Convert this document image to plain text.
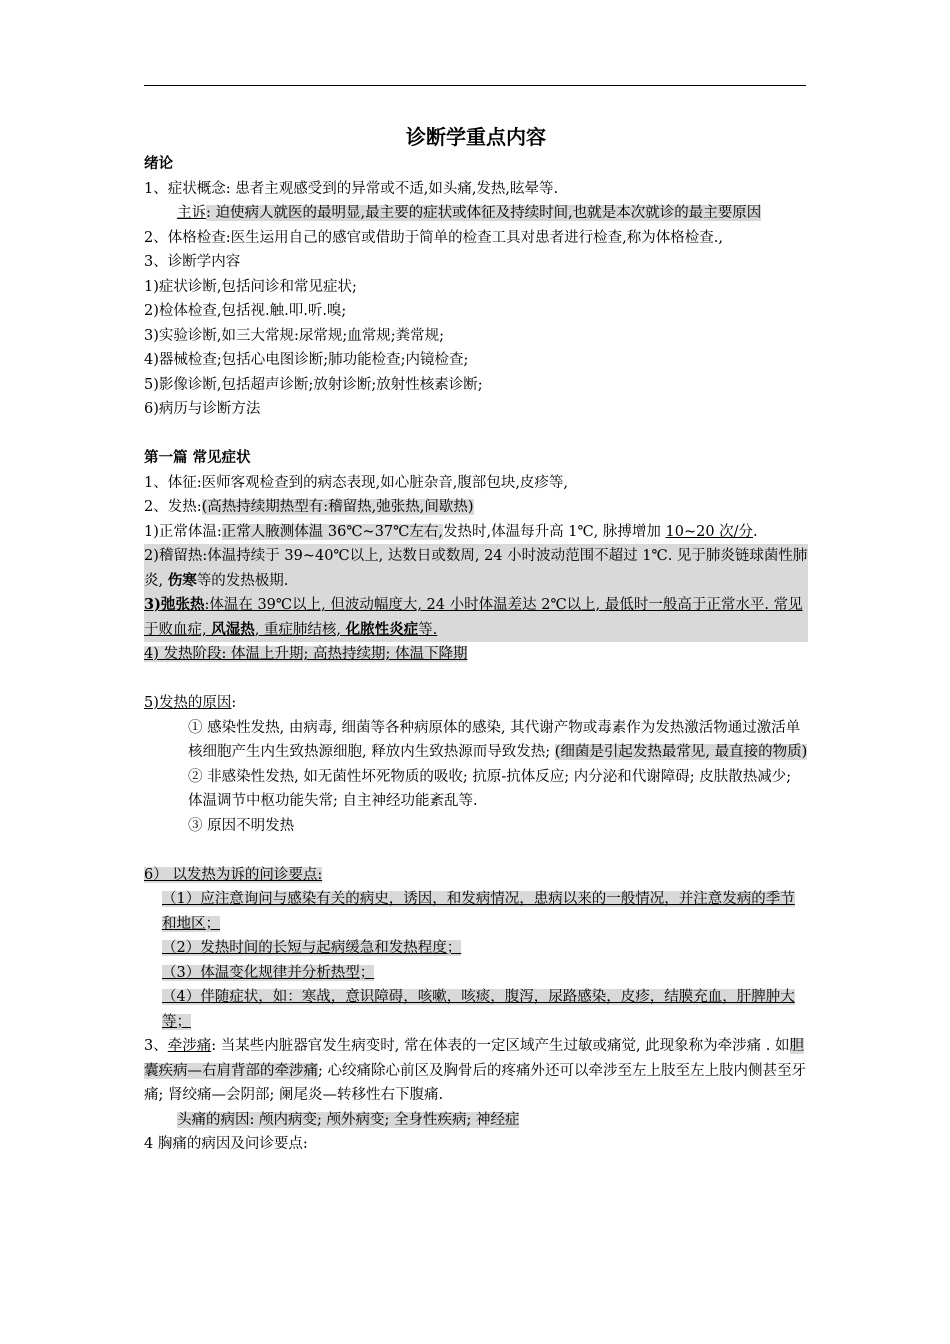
诊断学重点内容

绪论

1、症状概念: 患者主观感受到的异常或不适,如头痛,发热,眩晕等.

主诉: 迫使病人就医的最明显,最主要的症状或体征及持续时间,也就是本次就诊的最主要原因

2、体格检查:医生运用自己的感官或借助于简单的检查工具对患者进行检查,称为体格检查.,

3、诊断学内容

1)症状诊断,包括问诊和常见症状;

2)检体检查,包括视.触.叩.听.嗅;

3)实验诊断,如三大常规:尿常规;血常规;粪常规;

4)器械检查;包括心电图诊断;肺功能检查;内镜检查;

5)影像诊断,包括超声诊断;放射诊断;放射性核素诊断;

6)病历与诊断方法

第一篇 常见症状

1、体征:医师客观检查到的病态表现,如心脏杂音,腹部包块,皮疹等,

2、发热:(高热持续期热型有:稽留热,弛张热,间歇热)

1)正常体温:正常人腋测体温 36℃~37℃左右,发热时,体温每升高 1℃, 脉搏增加 10~20 次/分.

2)稽留热:体温持续于 39~40℃以上, 达数日或数周, 24 小时波动范围不超过 1℃. 见于肺炎链球菌性肺炎, 伤寒等的发热极期.

3)弛张热:体温在 39℃以上, 但波动幅度大, 24 小时体温差达 2℃以上, 最低时一般高于正常水平. 常见于败血症, 风湿热, 重症肺结核, 化脓性炎症等.

4) 发热阶段: 体温上升期; 高热持续期; 体温下降期

5)发热的原因:

① 感染性发热, 由病毒, 细菌等各种病原体的感染, 其代谢产物或毒素作为发热激活物通过激活单核细胞产生内生致热源细胞, 释放内生致热源而导致发热; (细菌是引起发热最常见, 最直接的物质)

② 非感染性发热, 如无菌性坏死物质的吸收; 抗原-抗体反应; 内分泌和代谢障碍; 皮肤散热减少; 体温调节中枢功能失常; 自主神经功能紊乱等.

③ 原因不明发热

6） 以发热为诉的问诊要点:

（1）应注意询问与感染有关的病史，诱因，和发病情况，患病以来的一般情况，并注意发病的季节和地区；

（2）发热时间的长短与起病缓急和发热程度；

（3）体温变化规律并分析热型；

（4）伴随症状，如：寒战，意识障碍，咳嗽，咳痰，腹泻，尿路感染，皮疹，结膜充血，肝脾肿大等；

3、牵涉痛: 当某些内脏器官发生病变时, 常在体表的一定区域产生过敏或痛觉, 此现象称为牵涉痛 . 如胆囊疾病—右肩背部的牵涉痛; 心绞痛除心前区及胸骨后的疼痛外还可以牵涉至左上肢至左上肢内侧甚至牙痛; 肾绞痛—会阴部; 阑尾炎—转移性右下腹痛.

头痛的病因: 颅内病变; 颅外病变; 全身性疾病; 神经症

4 胸痛的病因及问诊要点:
